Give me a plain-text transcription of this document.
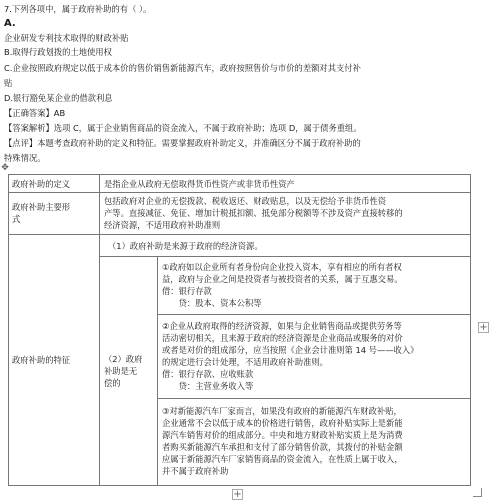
7.下列各项中，属于政府补助的有（ ）。
A.
企业研发专利技术取得的财政补贴
B.取得行政划拨的土地使用权
C.企业按照政府规定以低于成本价的售价销售新能源汽车，政府按照售价与市价的差额对其支付补
贴
D.银行豁免某企业的借款利息
【正确答案】AB
【答案解析】选项 C，属于企业销售商品的资金流入，不属于政府补助；选项 D，属于债务重组。
【点评】本题考查政府补助的定义和特征。需要掌握政府补助定义，并准确区分不属于政府补助的
特殊情况。
✥
政府补助的定义	是指企业从政府无偿取得货币性资产或非货币性资产
政府补助主要形
式
包括政府对企业的无偿拨款、税收返还、财政贴息，以及无偿给予非货币性资
产等。直接减征、免征、增加计税抵扣额、抵免部分税额等不涉及资产直接转移的
经济资源，不适用政府补助准则
政府补助的特征
（1）政府补助是来源于政府的经济资源。
（2）政府
补助是无
偿的
①政府如以企业所有者身份向企业投入资本，享有相应的所有者权
益，政府与企业之间是投资者与被投资者的关系，属于互惠交易。
借：银行存款
　　贷：股本、资本公积等
②企业从政府取得的经济资源，如果与企业销售商品或提供劳务等
活动密切相关，且来源于政府的经济资源是企业商品或服务的对价
或者是对价的组成部分，应当按照《企业会计准则第 14 号——收入》
的规定进行会计处理，不适用政府补助准则。
借：银行存款、应收账款
　　贷：主营业务收入等
③对新能源汽车厂家而言，如果没有政府的新能源汽车财政补贴，
企业通常不会以低于成本的价格进行销售，政府补贴实际上是新能
源汽车销售对价的组成部分。中央和地方财政补贴实质上是为消费
者购买新能源汽车承担和支付了部分销售价款，其拨付的补贴金额
应属于新能源汽车厂家销售商品的资金流入，在性质上属于收入，
并不属于政府补助
+
+
